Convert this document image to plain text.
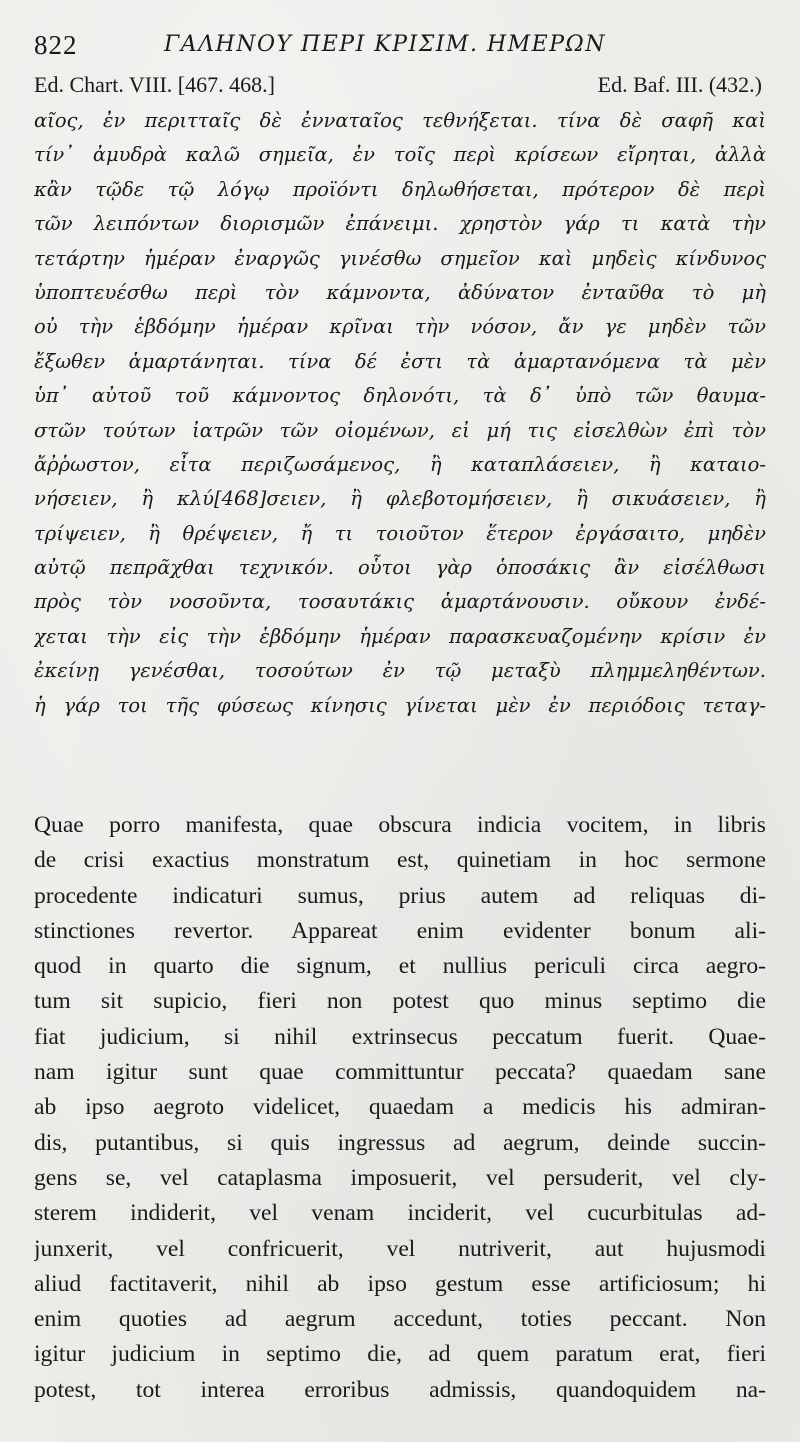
822	ΓΑΛΗΝΟΥ ΠΕΡΙ ΚΡΙΣΙΜ. ΗΜΕΡΩΝ
Ed. Chart. VIII. [467. 468.]	Ed. Baf. III. (432.)
αῖος, ἐν περιτταῖς δὲ ἐνναταῖος τεθνήξεται. τίνα δὲ σαφῆ καὶ
τίν᾽ ἀμυδρὰ καλῶ σημεῖα, ἐν τοῖς περὶ κρίσεων εἴρηται, ἀλλὰ
κἂν τῷδε τῷ λόγῳ προϊόντι δηλωθήσεται, πρότερον δὲ περὶ
τῶν λειπόντων διορισμῶν ἐπάνειμι. χρηστὸν γάρ τι κατὰ τὴν
τετάρτην ἡμέραν ἐναργῶς γινέσθω σημεῖον καὶ μηδεὶς κίνδυνος
ὑποπτευέσθω περὶ τὸν κάμνοντα, ἀδύνατον ἐνταῦθα τὸ μὴ
οὐ τὴν ἑβδόμην ἡμέραν κρῖναι τὴν νόσον, ἄν γε μηδὲν τῶν
ἔξωθεν ἁμαρτάνηται. τίνα δέ ἐστι τὰ ἁμαρτανόμενα τὰ μὲν
ὑπ᾽ αὐτοῦ τοῦ κάμνοντος δηλονότι, τὰ δ᾽ ὑπὸ τῶν θαυμα-
στῶν τούτων ἰατρῶν τῶν οἰομένων, εἰ μή τις εἰσελθὼν ἐπὶ τὸν
ἄῤῥωστον, εἶτα περιζωσάμενος, ἢ καταπλάσειεν, ἢ καταιο-
νήσειεν, ἢ κλύ[468]σειεν, ἢ φλεβοτομήσειεν, ἢ σικυάσειεν, ἢ
τρίψειεν, ἢ θρέψειεν, ἤ τι τοιοῦτον ἕτερον ἐργάσαιτο, μηδὲν
αὐτῷ πεπρᾶχθαι τεχνικόν. οὗτοι γὰρ ὁποσάκις ἂν εἰσέλθωσι
πρὸς τὸν νοσοῦντα, τοσαυτάκις ἁμαρτάνουσιν. οὔκουν ἐνδέ-
χεται τὴν εἰς τὴν ἑβδόμην ἡμέραν παρασκευαζομένην κρίσιν ἐν
ἐκείνῃ γενέσθαι, τοσούτων ἐν τῷ μεταξὺ πλημμεληθέντων.
ἡ γάρ τοι τῆς φύσεως κίνησις γίνεται μὲν ἐν περιόδοις τεταγ-
Quae porro manifesta, quae obscura indicia vocitem, in libris
de crisi exactius monstratum est, quinetiam in hoc sermone
procedente indicaturi sumus, prius autem ad reliquas di-
stinctiones revertor. Appareat enim evidenter bonum ali-
quod in quarto die signum, et nullius periculi circa aegro-
tum sit supicio, fieri non potest quo minus septimo die
fiat judicium, si nihil extrinsecus peccatum fuerit. Quae-
nam igitur sunt quae committuntur peccata? quaedam sane
ab ipso aegroto videlicet, quaedam a medicis his admiran-
dis, putantibus, si quis ingressus ad aegrum, deinde succin-
gens se, vel cataplasma imposuerit, vel persuderit, vel cly-
sterem indiderit, vel venam inciderit, vel cucurbitulas ad-
junxerit, vel confricuerit, vel nutriverit, aut hujusmodi
aliud factitaverit, nihil ab ipso gestum esse artificiosum; hi
enim quoties ad aegrum accedunt, toties peccant. Non
igitur judicium in septimo die, ad quem paratum erat, fieri
potest, tot interea erroribus admissis, quandoquidem na-
